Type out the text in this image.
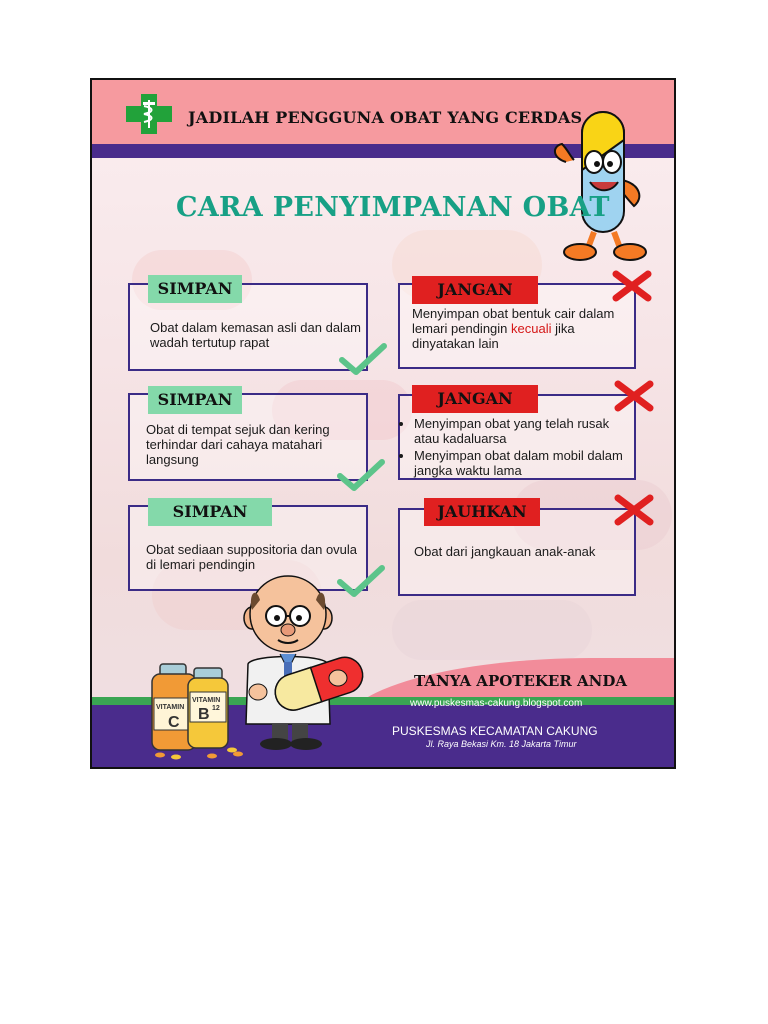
JADILAH PENGGUNA OBAT YANG CERDAS
CARA PENYIMPANAN OBAT
SIMPAN
Obat dalam kemasan asli dan dalam wadah tertutup rapat
SIMPAN
Obat di tempat sejuk dan kering terhindar dari cahaya matahari langsung
SIMPAN
Obat sediaan suppositoria dan ovula di lemari pendingin
JANGAN
Menyimpan obat bentuk cair dalam lemari pendingin kecuali jika dinyatakan lain
JANGAN
• Menyimpan obat yang telah rusak atau kadaluarsa
• Menyimpan obat dalam mobil dalam jangka waktu lama
JAUHKAN
Obat dari jangkauan anak-anak
TANYA APOTEKER ANDA
www.puskesmas-cakung.blogspot.com
PUSKESMAS KECAMATAN CAKUNG
Jl. Raya Bekasi Km. 18 Jakarta Timur
VITAMIN
C
VITAMIN
B 12
